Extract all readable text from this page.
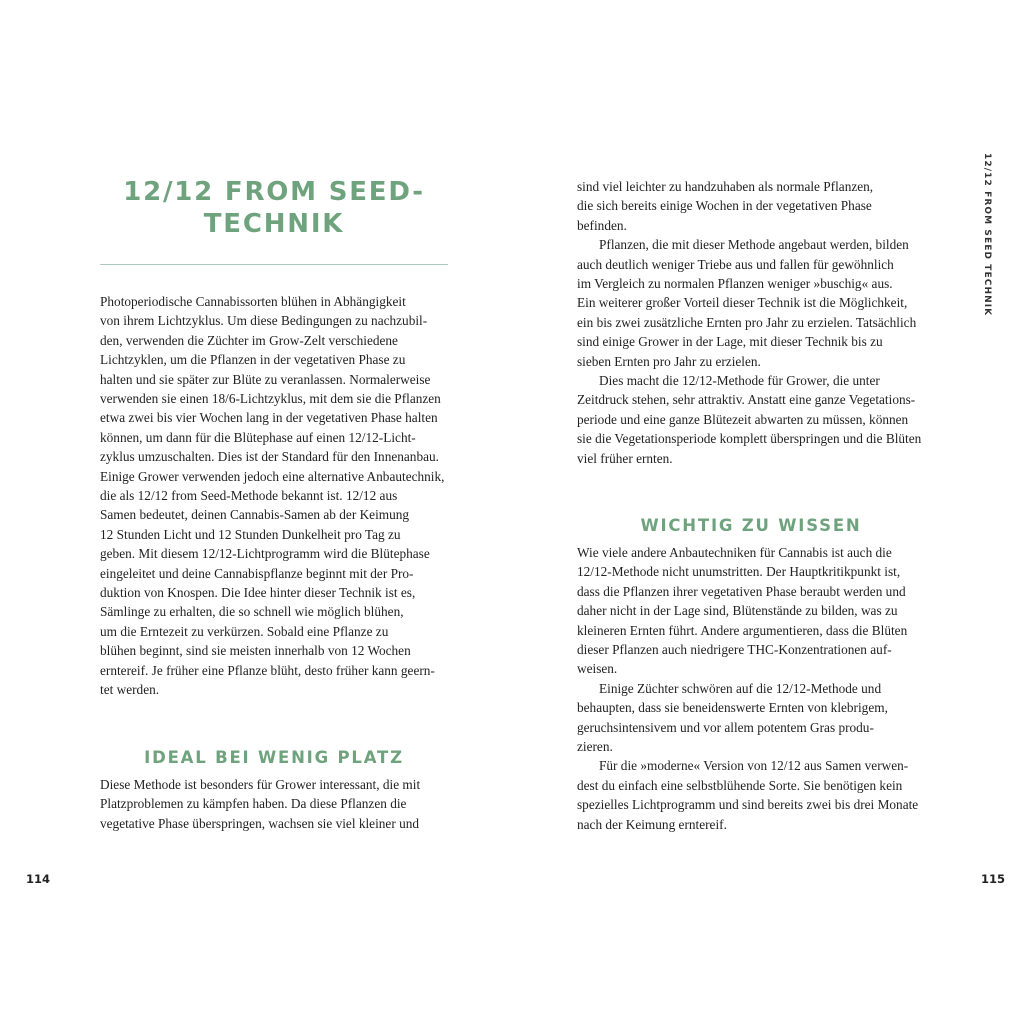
12/12 FROM SEED TECHNIK
12/12 FROM SEED-
TECHNIK
Photoperiodische Cannabissorten blühen in Abhängigkeit
von ihrem Lichtzyklus. Um diese Bedingungen zu nachzubil-
den, verwenden die Züchter im Grow-Zelt verschiedene
Lichtzyklen, um die Pflanzen in der vegetativen Phase zu
halten und sie später zur Blüte zu veranlassen. Normalerweise
verwenden sie einen 18/6-Lichtzyklus, mit dem sie die Pflanzen
etwa zwei bis vier Wochen lang in der vegetativen Phase halten
können, um dann für die Blütephase auf einen 12/12-Licht-
zyklus umzuschalten. Dies ist der Standard für den Innenanbau.
Einige Grower verwenden jedoch eine alternative Anbautechnik,
die als 12/12 from Seed-Methode bekannt ist. 12/12 aus
Samen bedeutet, deinen Cannabis-Samen ab der Keimung
12 Stunden Licht und 12 Stunden Dunkelheit pro Tag zu
geben. Mit diesem 12/12-Lichtprogramm wird die Blütephase
eingeleitet und deine Cannabispflanze beginnt mit der Pro-
duktion von Knospen. Die Idee hinter dieser Technik ist es,
Sämlinge zu erhalten, die so schnell wie möglich blühen,
um die Erntezeit zu verkürzen. Sobald eine Pflanze zu
blühen beginnt, sind sie meisten innerhalb von 12 Wochen
erntereif. Je früher eine Pflanze blüht, desto früher kann geern-
tet werden.
IDEAL BEI WENIG PLATZ
Diese Methode ist besonders für Grower interessant, die mit
Platzproblemen zu kämpfen haben. Da diese Pflanzen die
vegetative Phase überspringen, wachsen sie viel kleiner und
114
sind viel leichter zu handzuhaben als normale Pflanzen,
die sich bereits einige Wochen in der vegetativen Phase
befinden.
Pflanzen, die mit dieser Methode angebaut werden, bilden
auch deutlich weniger Triebe aus und fallen für gewöhnlich
im Vergleich zu normalen Pflanzen weniger »buschig« aus.
Ein weiterer großer Vorteil dieser Technik ist die Möglichkeit,
ein bis zwei zusätzliche Ernten pro Jahr zu erzielen. Tatsächlich
sind einige Grower in der Lage, mit dieser Technik bis zu
sieben Ernten pro Jahr zu erzielen.
Dies macht die 12/12-Methode für Grower, die unter
Zeitdruck stehen, sehr attraktiv. Anstatt eine ganze Vegetations-
periode und eine ganze Blütezeit abwarten zu müssen, können
sie die Vegetationsperiode komplett überspringen und die Blüten
viel früher ernten.
WICHTIG ZU WISSEN
Wie viele andere Anbautechniken für Cannabis ist auch die
12/12-Methode nicht unumstritten. Der Hauptkritikpunkt ist,
dass die Pflanzen ihrer vegetativen Phase beraubt werden und
daher nicht in der Lage sind, Blütenstände zu bilden, was zu
kleineren Ernten führt. Andere argumentieren, dass die Blüten
dieser Pflanzen auch niedrigere THC-Konzentrationen auf-
weisen.
Einige Züchter schwören auf die 12/12-Methode und
behaupten, dass sie beneidenswerte Ernten von klebrigem,
geruchsintensivem und vor allem potentem Gras produ-
zieren.
Für die »moderne« Version von 12/12 aus Samen verwen-
dest du einfach eine selbstblühende Sorte. Sie benötigen kein
spezielles Lichtprogramm und sind bereits zwei bis drei Monate
nach der Keimung erntereif.
115
